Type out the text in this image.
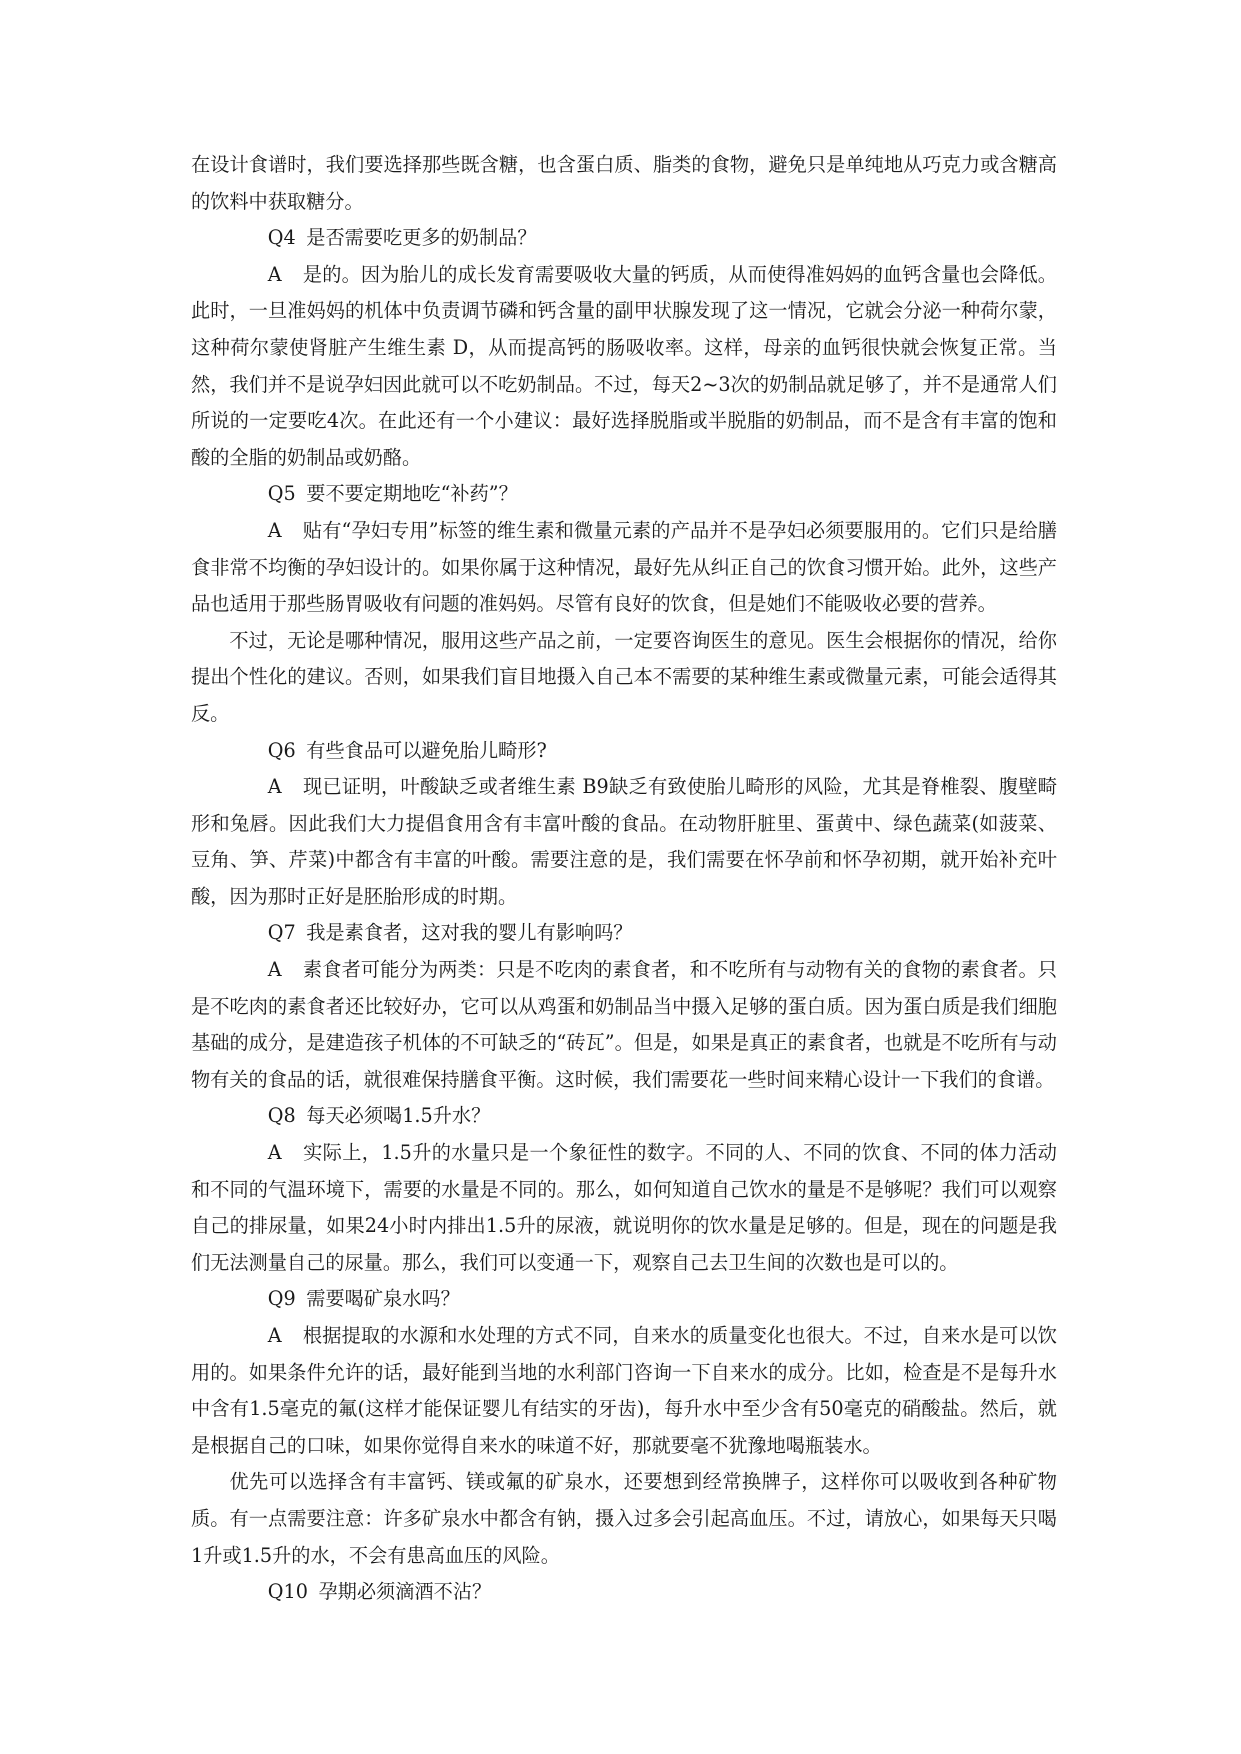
在设计食谱时，我们要选择那些既含糖，也含蛋白质、脂类的食物，避免只是单纯地从巧克力或含糖高的饮料中获取糖分。

Q4 是否需要吃更多的奶制品？

A 是的。因为胎儿的成长发育需要吸收大量的钙质，从而使得准妈妈的血钙含量也会降低。此时，一旦准妈妈的机体中负责调节磷和钙含量的副甲状腺发现了这一情况，它就会分泌一种荷尔蒙，这种荷尔蒙使肾脏产生维生素 D，从而提高钙的肠吸收率。这样，母亲的血钙很快就会恢复正常。当然，我们并不是说孕妇因此就可以不吃奶制品。不过，每天2~3次的奶制品就足够了，并不是通常人们所说的一定要吃4次。在此还有一个小建议：最好选择脱脂或半脱脂的奶制品，而不是含有丰富的饱和酸的全脂的奶制品或奶酪。

Q5 要不要定期地吃“补药”？

A 贴有“孕妇专用”标签的维生素和微量元素的产品并不是孕妇必须要服用的。它们只是给膳食非常不均衡的孕妇设计的。如果你属于这种情况，最好先从纠正自己的饮食习惯开始。此外，这些产品也适用于那些肠胃吸收有问题的准妈妈。尽管有良好的饮食，但是她们不能吸收必要的营养。

不过，无论是哪种情况，服用这些产品之前，一定要咨询医生的意见。医生会根据你的情况，给你提出个性化的建议。否则，如果我们盲目地摄入自己本不需要的某种维生素或微量元素，可能会适得其反。

Q6 有些食品可以避免胎儿畸形?

A 现已证明，叶酸缺乏或者维生素 B9缺乏有致使胎儿畸形的风险，尤其是脊椎裂、腹壁畸形和兔唇。因此我们大力提倡食用含有丰富叶酸的食品。在动物肝脏里、蛋黄中、绿色蔬菜(如菠菜、豆角、笋、芹菜)中都含有丰富的叶酸。需要注意的是，我们需要在怀孕前和怀孕初期，就开始补充叶酸，因为那时正好是胚胎形成的时期。

Q7 我是素食者，这对我的婴儿有影响吗？

A 素食者可能分为两类：只是不吃肉的素食者，和不吃所有与动物有关的食物的素食者。只是不吃肉的素食者还比较好办，它可以从鸡蛋和奶制品当中摄入足够的蛋白质。因为蛋白质是我们细胞基础的成分，是建造孩子机体的不可缺乏的“砖瓦”。但是，如果是真正的素食者，也就是不吃所有与动物有关的食品的话，就很难保持膳食平衡。这时候，我们需要花一些时间来精心设计一下我们的食谱。

Q8 每天必须喝1.5升水？

A 实际上，1.5升的水量只是一个象征性的数字。不同的人、不同的饮食、不同的体力活动和不同的气温环境下，需要的水量是不同的。那么，如何知道自己饮水的量是不是够呢？我们可以观察自己的排尿量，如果24小时内排出1.5升的尿液，就说明你的饮水量是足够的。但是，现在的问题是我们无法测量自己的尿量。那么，我们可以变通一下，观察自己去卫生间的次数也是可以的。

Q9 需要喝矿泉水吗？

A 根据提取的水源和水处理的方式不同，自来水的质量变化也很大。不过，自来水是可以饮用的。如果条件允许的话，最好能到当地的水利部门咨询一下自来水的成分。比如，检查是不是每升水中含有1.5毫克的氟(这样才能保证婴儿有结实的牙齿)，每升水中至少含有50毫克的硝酸盐。然后，就是根据自己的口味，如果你觉得自来水的味道不好，那就要毫不犹豫地喝瓶装水。

优先可以选择含有丰富钙、镁或氟的矿泉水，还要想到经常换牌子，这样你可以吸收到各种矿物质。有一点需要注意：许多矿泉水中都含有钠，摄入过多会引起高血压。不过，请放心，如果每天只喝1升或1.5升的水，不会有患高血压的风险。

Q10 孕期必须滴酒不沾？
